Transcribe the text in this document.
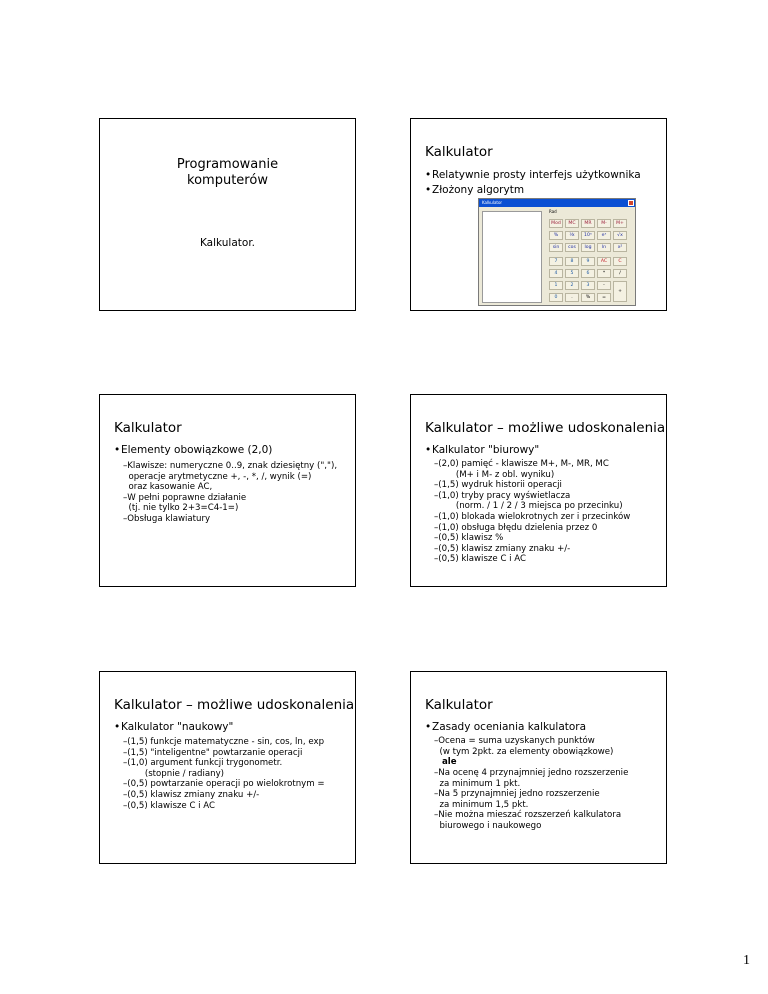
Programowanie
komputerów
Kalkulator.
Kalkulator
•Relatywnie prosty interfejs użytkownika
•Złożony algorytm
Kalkulator
Rad
Mod	MC	MR	M-	M+
%	⅟x	10ˣ	eˣ	√x
sin	cos	log	ln	x²
7	8	9	AC	C
4	5	6	*	/
1	2	3	-
+
0	.	%	=
Kalkulator
•Elementy obowiązkowe (2,0)
–Klawisze: numeryczne 0..9, znak dziesiętny (","),
operacje arytmetyczne +, -, *, /, wynik (=)
oraz kasowanie AC,
–W pełni poprawne działanie
(tj. nie tylko 2+3=C4-1=)
–Obsługa klawiatury
Kalkulator – możliwe udoskonalenia
•Kalkulator "biurowy"
–(2,0) pamięć - klawisze M+, M-, MR, MC
(M+ i M- z obl. wyniku)
–(1,5) wydruk historii operacji
–(1,0) tryby pracy wyświetlacza
(norm. / 1 / 2 / 3 miejsca po przecinku)
–(1,0) blokada wielokrotnych zer i przecinków
–(1,0) obsługa błędu dzielenia przez 0
–(0,5) klawisz %
–(0,5) klawisz zmiany znaku +/-
–(0,5) klawisze C i AC
Kalkulator – możliwe udoskonalenia
•Kalkulator "naukowy"
–(1,5) funkcje matematyczne - sin, cos, ln, exp
–(1,5) "inteligentne" powtarzanie operacji
–(1,0) argument funkcji trygonometr.
(stopnie / radiany)
–(0,5) powtarzanie operacji po wielokrotnym =
–(0,5) klawisz zmiany znaku +/-
–(0,5) klawisze C i AC
Kalkulator
•Zasady oceniania kalkulatora
–Ocena = suma uzyskanych punktów
(w tym 2pkt. za elementy obowiązkowe)
ale
–Na ocenę 4 przynajmniej jedno rozszerzenie
za minimum 1 pkt.
–Na 5 przynajmniej jedno rozszerzenie
za minimum 1,5 pkt.
–Nie można mieszać rozszerzeń kalkulatora
biurowego i naukowego
1
